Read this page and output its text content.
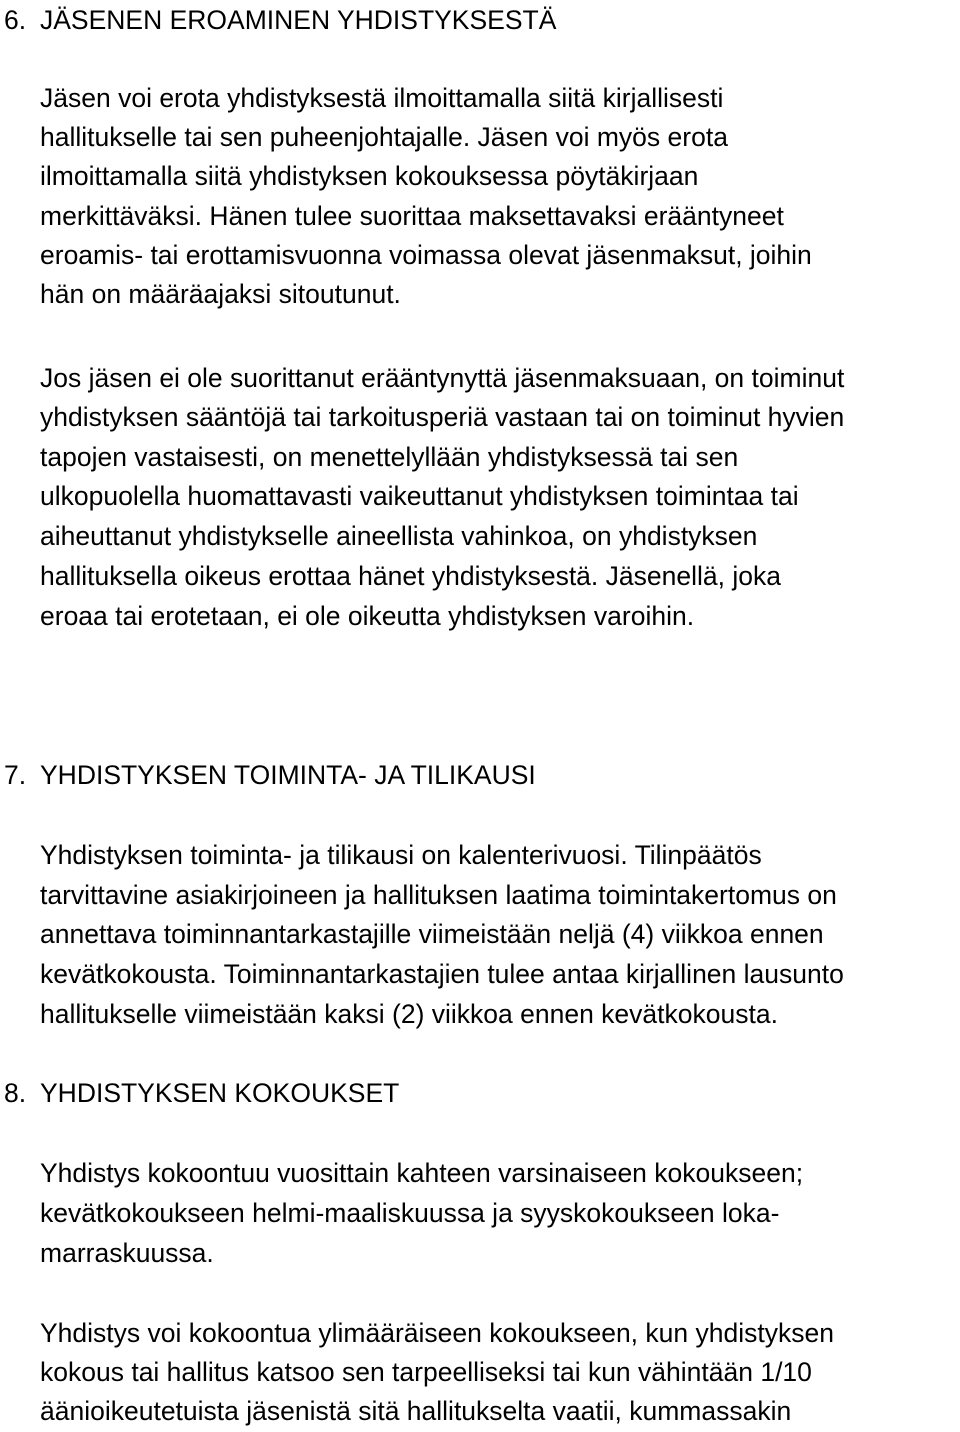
6. JÄSENEN EROAMINEN YHDISTYKSESTÄ

Jäsen voi erota yhdistyksestä ilmoittamalla siitä kirjallisesti

hallitukselle tai sen puheenjohtajalle. Jäsen voi myös erota

ilmoittamalla siitä yhdistyksen kokouksessa pöytäkirjaan

merkittäväksi. Hänen tulee suorittaa maksettavaksi erääntyneet

eroamis- tai erottamisvuonna voimassa olevat jäsenmaksut, joihin

hän on määräajaksi sitoutunut.

Jos jäsen ei ole suorittanut erääntynyttä jäsenmaksuaan, on toiminut

yhdistyksen sääntöjä tai tarkoitusperiä vastaan tai on toiminut hyvien

tapojen vastaisesti, on menettelyllään yhdistyksessä tai sen

ulkopuolella huomattavasti vaikeuttanut yhdistyksen toimintaa tai

aiheuttanut yhdistykselle aineellista vahinkoa, on yhdistyksen

hallituksella oikeus erottaa hänet yhdistyksestä. Jäsenellä, joka

eroaa tai erotetaan, ei ole oikeutta yhdistyksen varoihin.

7. YHDISTYKSEN TOIMINTA- JA TILIKAUSI

Yhdistyksen toiminta- ja tilikausi on kalenterivuosi. Tilinpäätös

tarvittavine asiakirjoineen ja hallituksen laatima toimintakertomus on

annettava toiminnantarkastajille viimeistään neljä (4) viikkoa ennen

kevätkokousta. Toiminnantarkastajien tulee antaa kirjallinen lausunto

hallitukselle viimeistään kaksi (2) viikkoa ennen kevätkokousta.

8. YHDISTYKSEN KOKOUKSET

Yhdistys kokoontuu vuosittain kahteen varsinaiseen kokoukseen;

kevätkokoukseen helmi-maaliskuussa ja syyskokoukseen loka-

marraskuussa.

Yhdistys voi kokoontua ylimääräiseen kokoukseen, kun yhdistyksen

kokous tai hallitus katsoo sen tarpeelliseksi tai kun vähintään 1/10

äänioikeutetuista jäsenistä sitä hallitukselta vaatii, kummassakin
